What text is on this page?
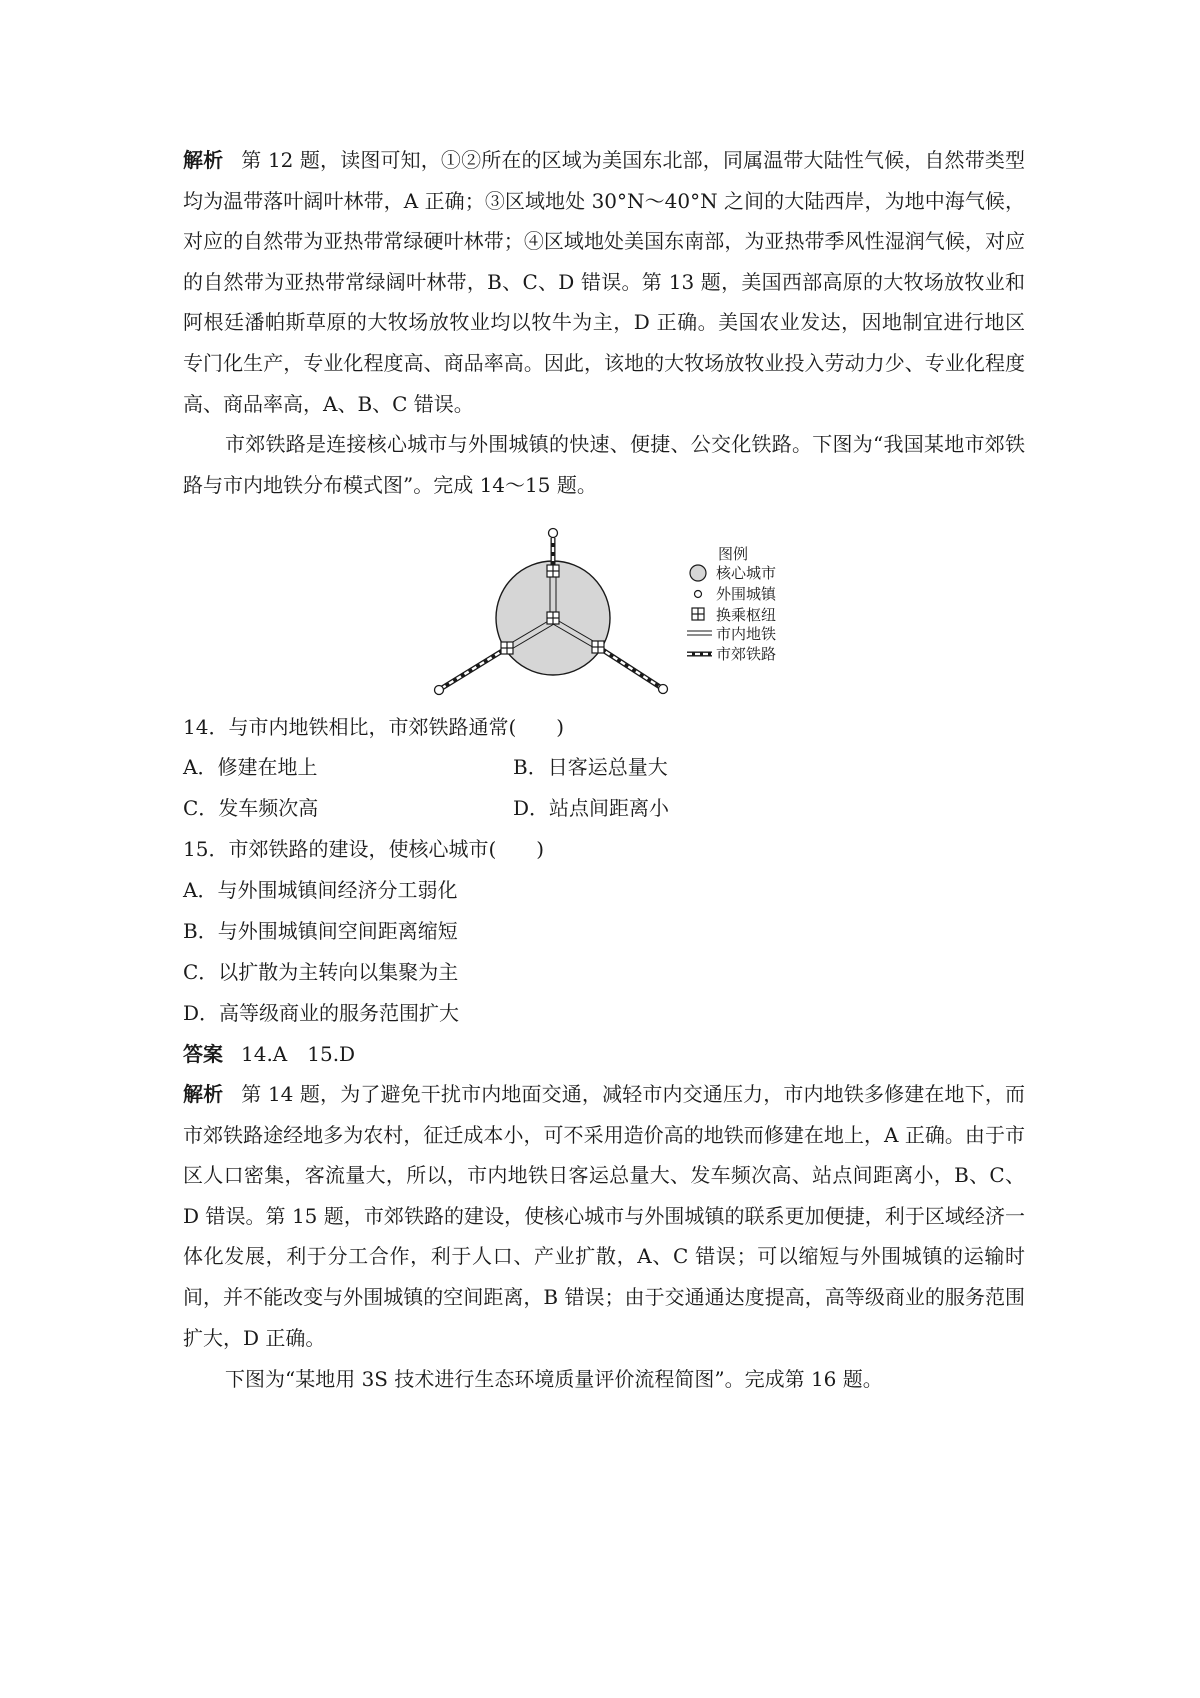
解析 第 12 题，读图可知，①②所在的区域为美国东北部，同属温带大陆性气候，自然带类型均为温带落叶阔叶林带，A 正确；③区域地处 30°N～40°N 之间的大陆西岸，为地中海气候，对应的自然带为亚热带常绿硬叶林带；④区域地处美国东南部，为亚热带季风性湿润气候，对应的自然带为亚热带常绿阔叶林带，B、C、D 错误。第 13 题，美国西部高原的大牧场放牧业和阿根廷潘帕斯草原的大牧场放牧业均以牧牛为主，D 正确。美国农业发达，因地制宜进行地区专门化生产，专业化程度高、商品率高。因此，该地的大牧场放牧业投入劳动力少、专业化程度高、商品率高，A、B、C 错误。
市郊铁路是连接核心城市与外围城镇的快速、便捷、公交化铁路。下图为“我国某地市郊铁路与市内地铁分布模式图”。完成 14～15 题。
图例
核心城市
外围城镇
换乘枢纽
市内地铁
市郊铁路
14．与市内地铁相比，市郊铁路通常(　　)
A．修建在地上	B．日客运总量大
C．发车频次高	D．站点间距离小
15．市郊铁路的建设，使核心城市(　　)
A．与外围城镇间经济分工弱化
B．与外围城镇间空间距离缩短
C．以扩散为主转向以集聚为主
D．高等级商业的服务范围扩大
答案 14.A　15.D
解析 第 14 题，为了避免干扰市内地面交通，减轻市内交通压力，市内地铁多修建在地下，而市郊铁路途经地多为农村，征迁成本小，可不采用造价高的地铁而修建在地上，A 正确。由于市区人口密集，客流量大，所以，市内地铁日客运总量大、发车频次高、站点间距离小，B、C、D 错误。第 15 题，市郊铁路的建设，使核心城市与外围城镇的联系更加便捷，利于区域经济一体化发展，利于分工合作，利于人口、产业扩散，A、C 错误；可以缩短与外围城镇的运输时间，并不能改变与外围城镇的空间距离，B 错误；由于交通通达度提高，高等级商业的服务范围扩大，D 正确。
下图为“某地用 3S 技术进行生态环境质量评价流程简图”。完成第 16 题。
